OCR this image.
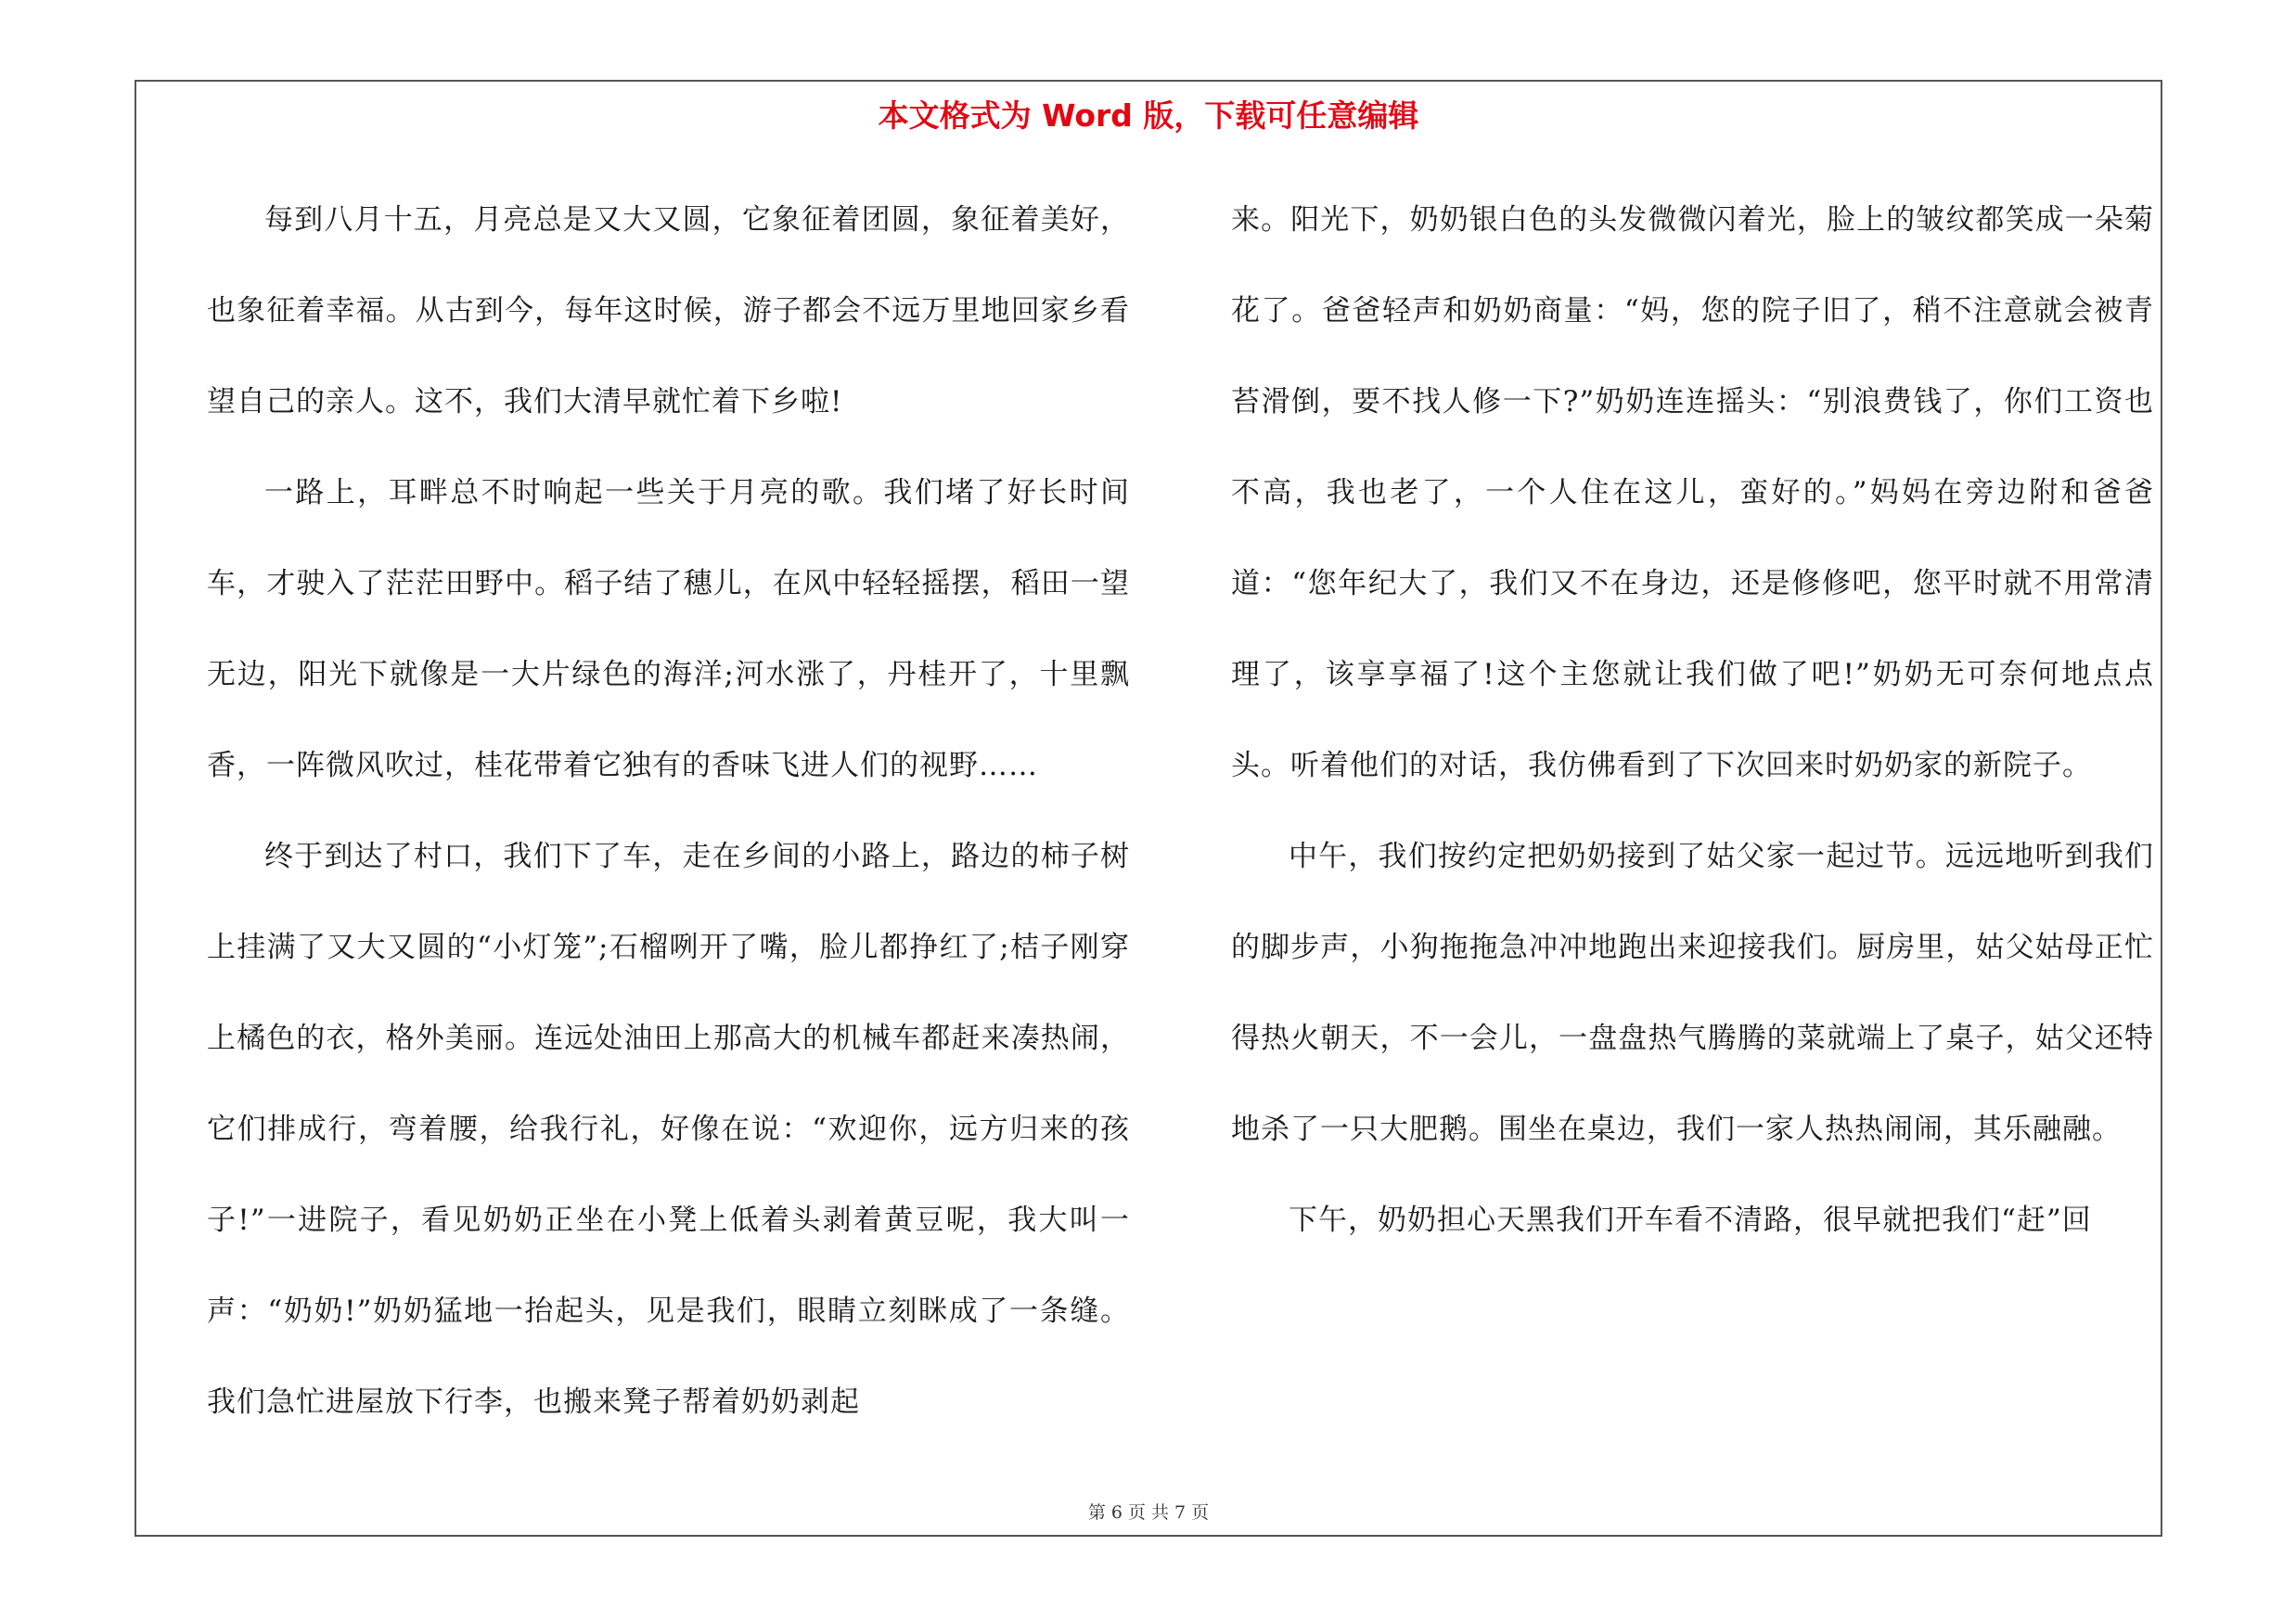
本文格式为 Word 版，下载可任意编辑

每到八月十五，月亮总是又大又圆，它象征着团圆，象征着美好，也象征着幸福。从古到今，每年这时候，游子都会不远万里地回家乡看望自己的亲人。这不，我们大清早就忙着下乡啦!

一路上，耳畔总不时响起一些关于月亮的歌。我们堵了好长时间车，才驶入了茫茫田野中。稻子结了穗儿，在风中轻轻摇摆，稻田一望无边，阳光下就像是一大片绿色的海洋;河水涨了，丹桂开了，十里飘香，一阵微风吹过，桂花带着它独有的香味飞进人们的视野……

终于到达了村口，我们下了车，走在乡间的小路上，路边的柿子树上挂满了又大又圆的“小灯笼”;石榴咧开了嘴，脸儿都挣红了;桔子刚穿上橘色的衣，格外美丽。连远处油田上那高大的机械车都赶来凑热闹，它们排成行，弯着腰，给我行礼，好像在说：“欢迎你，远方归来的孩子!”一进院子，看见奶奶正坐在小凳上低着头剥着黄豆呢，我大叫一声：“奶奶!”奶奶猛地一抬起头，见是我们，眼睛立刻眯成了一条缝。我们急忙进屋放下行李，也搬来凳子帮着奶奶剥起

来。阳光下，奶奶银白色的头发微微闪着光，脸上的皱纹都笑成一朵菊花了。爸爸轻声和奶奶商量：“妈，您的院子旧了，稍不注意就会被青苔滑倒，要不找人修一下?”奶奶连连摇头：“别浪费钱了，你们工资也不高，我也老了，一个人住在这儿，蛮好的。”妈妈在旁边附和爸爸道：“您年纪大了，我们又不在身边，还是修修吧，您平时就不用常清理了，该享享福了!这个主您就让我们做了吧!”奶奶无可奈何地点点头。听着他们的对话，我仿佛看到了下次回来时奶奶家的新院子。

中午，我们按约定把奶奶接到了姑父家一起过节。远远地听到我们的脚步声，小狗拖拖急冲冲地跑出来迎接我们。厨房里，姑父姑母正忙得热火朝天，不一会儿，一盘盘热气腾腾的菜就端上了桌子，姑父还特地杀了一只大肥鹅。围坐在桌边，我们一家人热热闹闹，其乐融融。

下午，奶奶担心天黑我们开车看不清路，很早就把我们“赶”回

第 6 页 共 7 页
